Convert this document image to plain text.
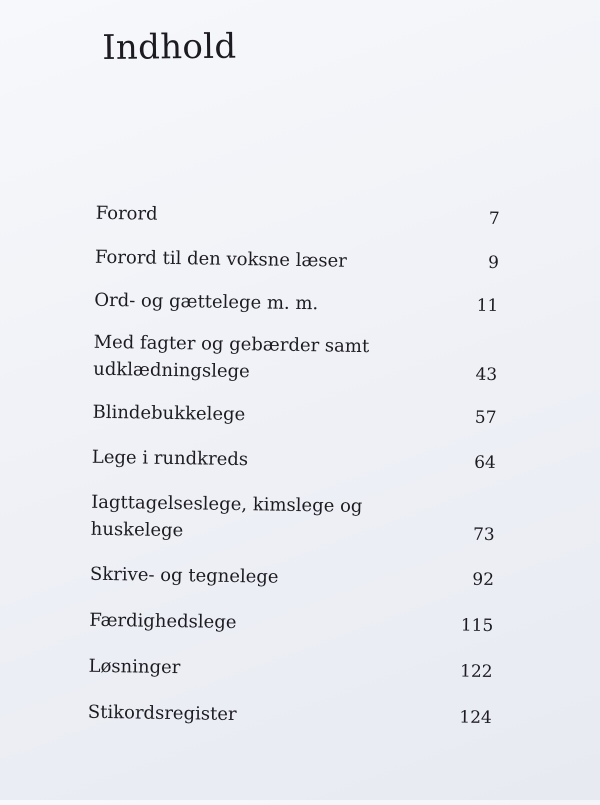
Indhold
Forord	7
Forord til den voksne læser	9
Ord- og gættelege m. m.	11
Med fagter og gebærder samt udklædningslege	43
Blindebukkelege	57
Lege i rundkreds	64
Iagttagelseslege, kimslege og huskelege	73
Skrive- og tegnelege	92
Færdighedslege	115
Løsninger	122
Stikordsregister	124
